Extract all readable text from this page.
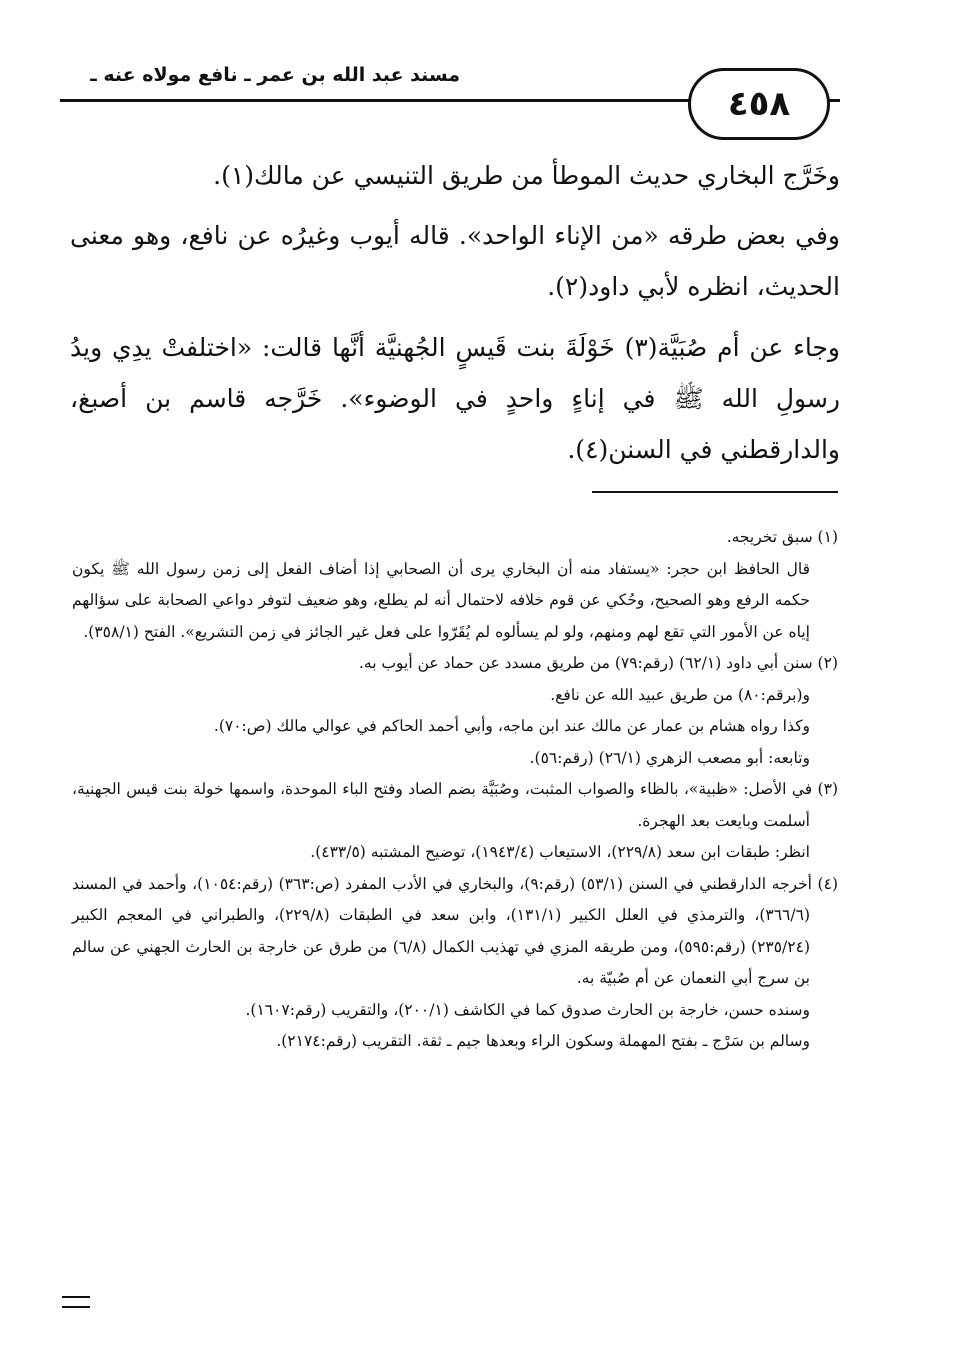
مسند عبد الله بن عمر ـ نافع مولاه عنه ـ
٤٥٨

وخَرَّج البخاري حديث الموطأ من طريق التنيسي عن مالك(١).

وفي بعض طرقه «من الإناء الواحد». قاله أيوب وغيرُه عن نافع، وهو معنى الحديث، انظره لأبي داود(٢).

وجاء عن أم صُبَيَّة(٣) خَوْلَةَ بنت قَيسٍ الجُهنيَّة أنَّها قالت: «اختلفتْ يدِي ويدُ رسولِ الله ﷺ في إناءٍ واحدٍ في الوضوء». خَرَّجه قاسم بن أصبغ، والدارقطني في السنن(٤).

(١) سبق تخريجه.

قال الحافظ ابن حجر: «يستفاد منه أن البخاري يرى أن الصحابي إذا أضاف الفعل إلى زمن رسول الله ﷺ يكون حكمه الرفع وهو الصحيح، وحُكي عن قوم خلافه لاحتمال أنه لم يطلع، وهو ضعيف لتوفر دواعي الصحابة على سؤالهم إياه عن الأمور التي تقع لهم ومنهم، ولو لم يسألوه لم يُقَرّوا على فعل غير الجائز في زمن التشريع». الفتح (٣٥٨/١).

(٢) سنن أبي داود (٦٢/١) (رقم:٧٩) من طريق مسدد عن حماد عن أيوب به.

و(برقم:٨٠) من طريق عبيد الله عن نافع.

وكذا رواه هشام بن عمار عن مالك عند ابن ماجه، وأبي أحمد الحاكم في عوالي مالك (ص:٧٠).

وتابعه: أبو مصعب الزهري (٢٦/١) (رقم:٥٦).

(٣) في الأصل: «ظبية»، بالظاء والصواب المثبت، وصُبَيَّة بضم الصاد وفتح الباء الموحدة، واسمها خولة بنت قيس الجهنية، أسلمت وبايعت بعد الهجرة.

انظر: طبقات ابن سعد (٢٢٩/٨)، الاستيعاب (١٩٤٣/٤)، توضيح المشتبه (٤٣٣/٥).

(٤) أخرجه الدارقطني في السنن (٥٣/١) (رقم:٩)، والبخاري في الأدب المفرد (ص:٣٦٣) (رقم:١٠٥٤)، وأحمد في المسند (٣٦٦/٦)، والترمذي في العلل الكبير (١٣١/١)، وابن سعد في الطبقات (٢٢٩/٨)، والطبراني في المعجم الكبير (٢٣٥/٢٤) (رقم:٥٩٥)، ومن طريقه المزي في تهذيب الكمال (٦/٨) من طرق عن خارجة بن الحارث الجهني عن سالم بن سرج أبي النعمان عن أم صُبيّة به.

وسنده حسن، خارجة بن الحارث صدوق كما في الكاشف (٢٠٠/١)، والتقريب (رقم:١٦٠٧).

وسالم بن سَرْج ـ بفتح المهملة وسكون الراء وبعدها جيم ـ ثقة. التقريب (رقم:٢١٧٤).
